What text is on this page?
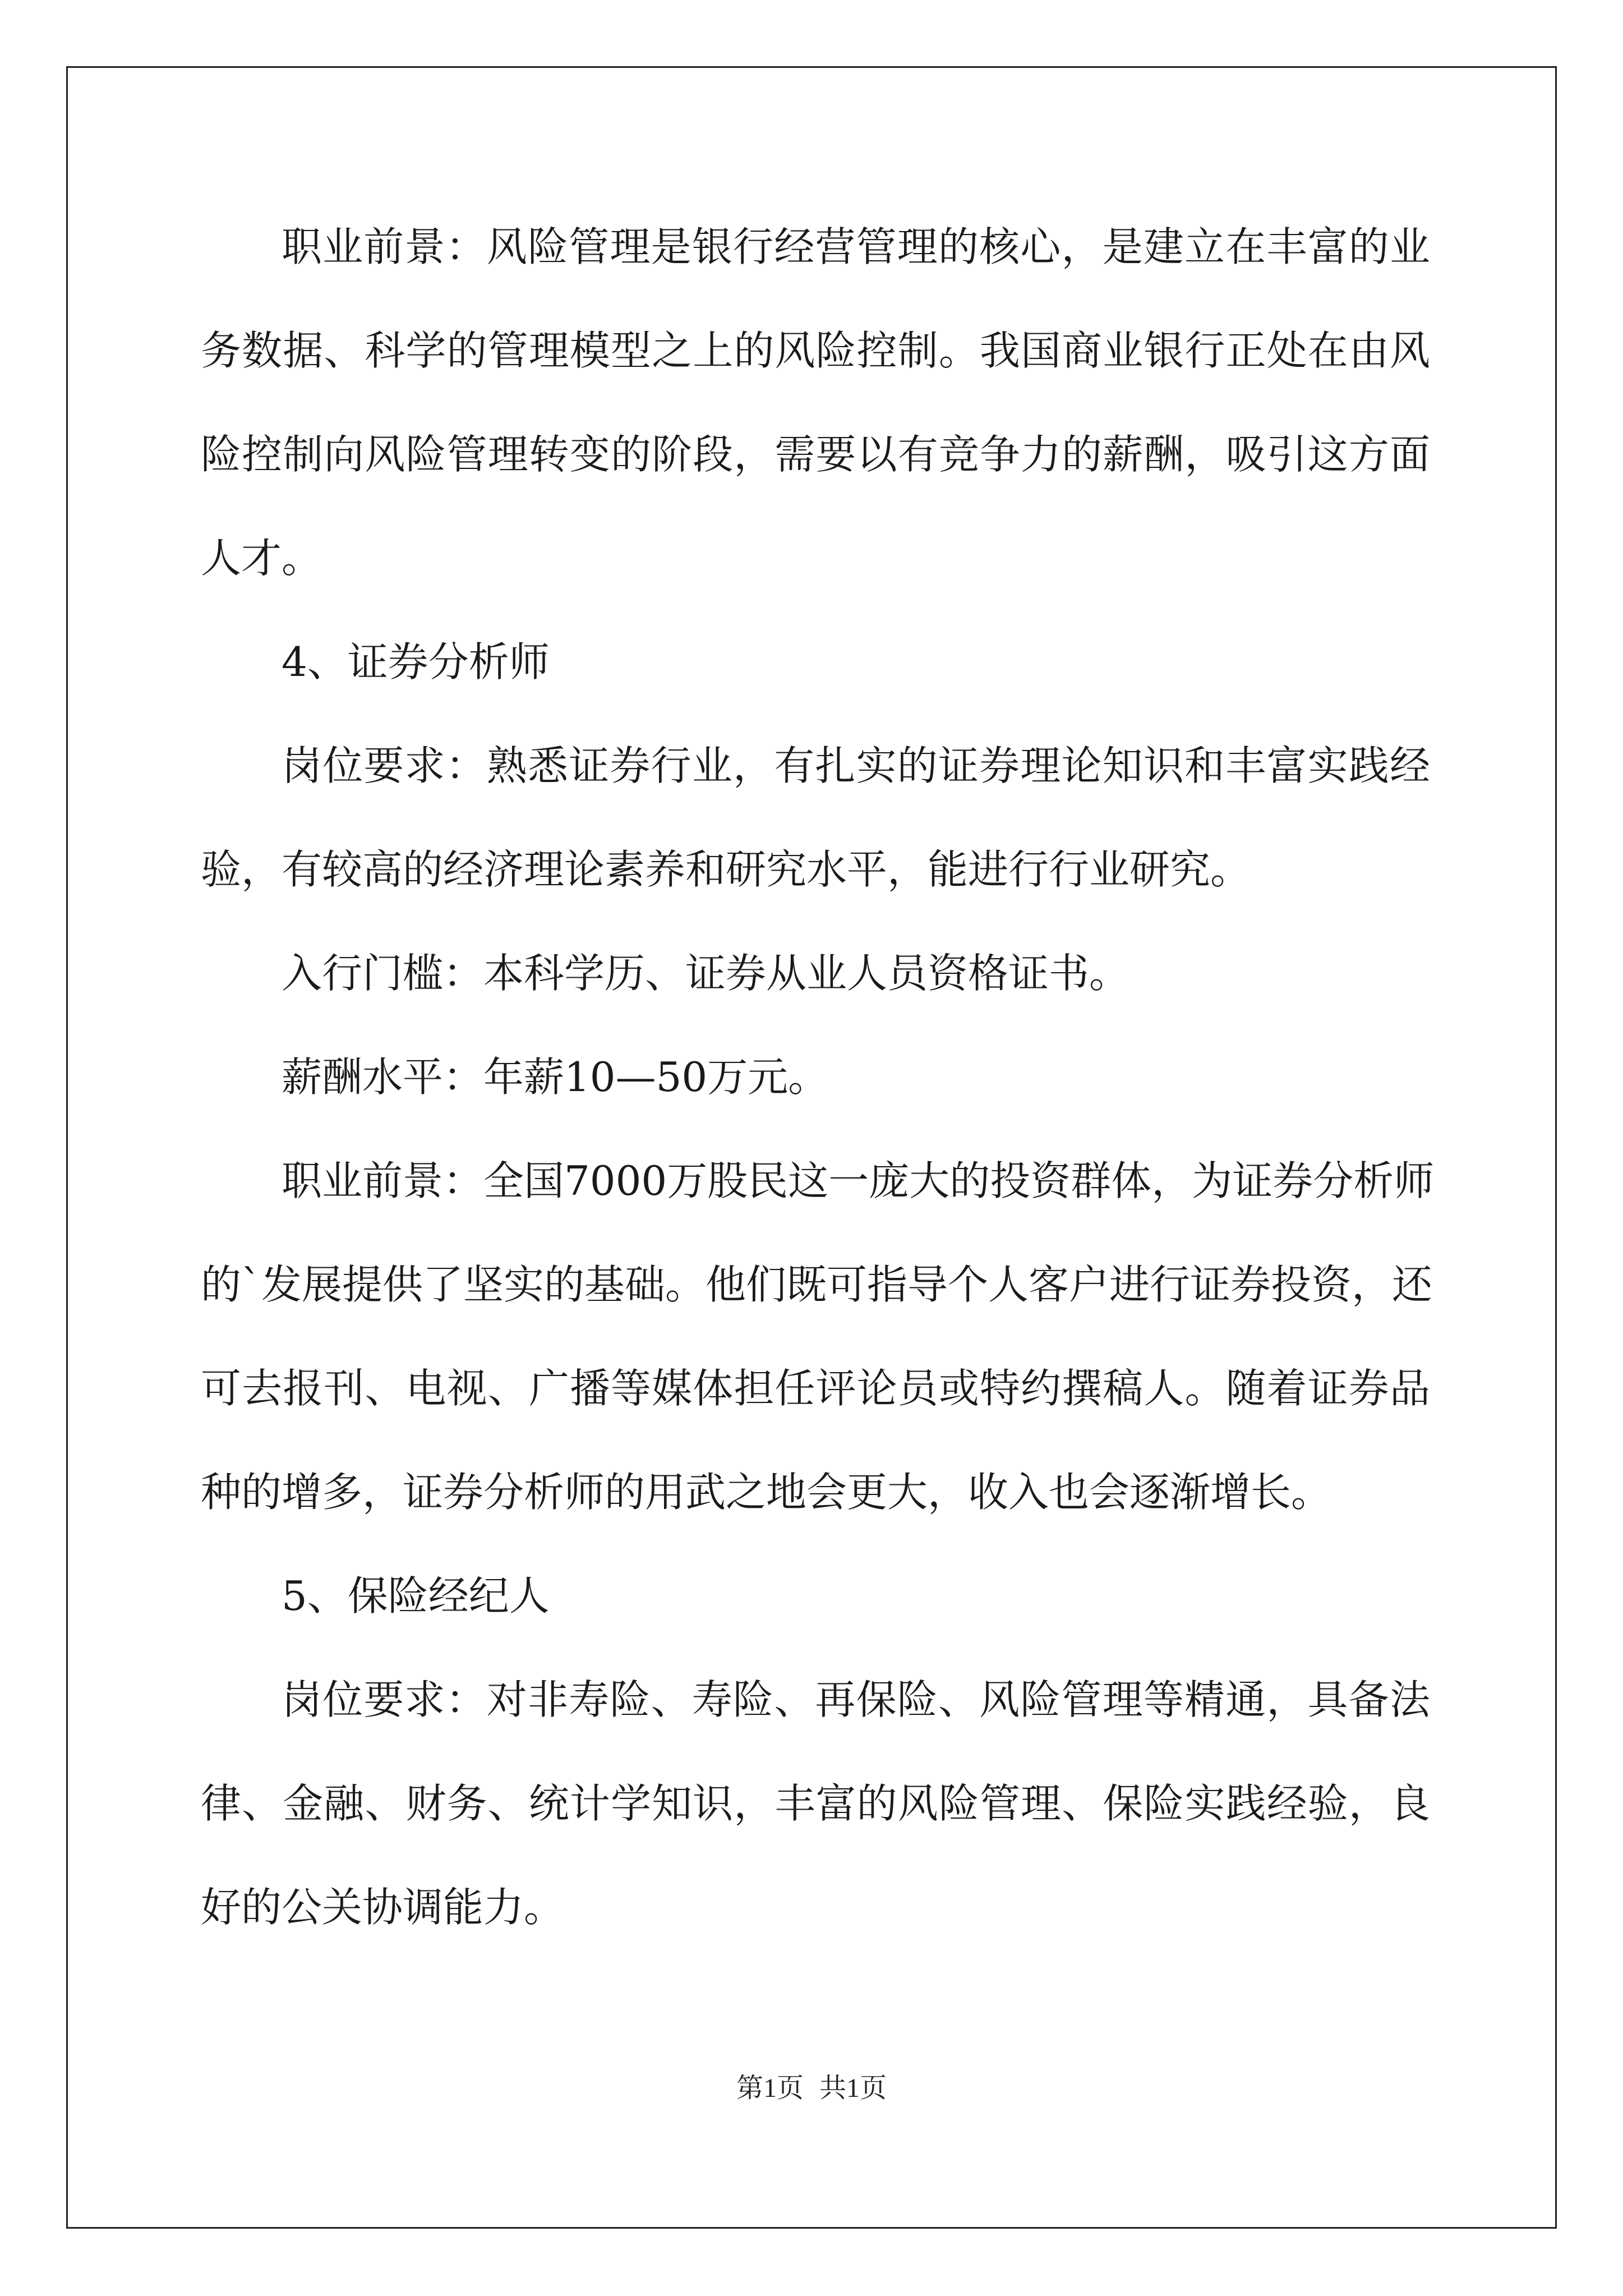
职业前景：风险管理是银行经营管理的核心，是建立在丰富的业
务数据、科学的管理模型之上的风险控制。我国商业银行正处在由风
险控制向风险管理转变的阶段，需要以有竞争力的薪酬，吸引这方面
人才。
4、证券分析师
岗位要求：熟悉证券行业，有扎实的证券理论知识和丰富实践经
验，有较高的经济理论素养和研究水平，能进行行业研究。
入行门槛：本科学历、证券从业人员资格证书。
薪酬水平：年薪10—50万元。
职业前景：全国7000万股民这一庞大的投资群体，为证券分析师
的`发展提供了坚实的基础。他们既可指导个人客户进行证券投资，还
可去报刊、电视、广播等媒体担任评论员或特约撰稿人。随着证券品
种的增多，证券分析师的用武之地会更大，收入也会逐渐增长。
5、保险经纪人
岗位要求：对非寿险、寿险、再保险、风险管理等精通，具备法
律、金融、财务、统计学知识，丰富的风险管理、保险实践经验，良
好的公关协调能力。
第1页 共1页
